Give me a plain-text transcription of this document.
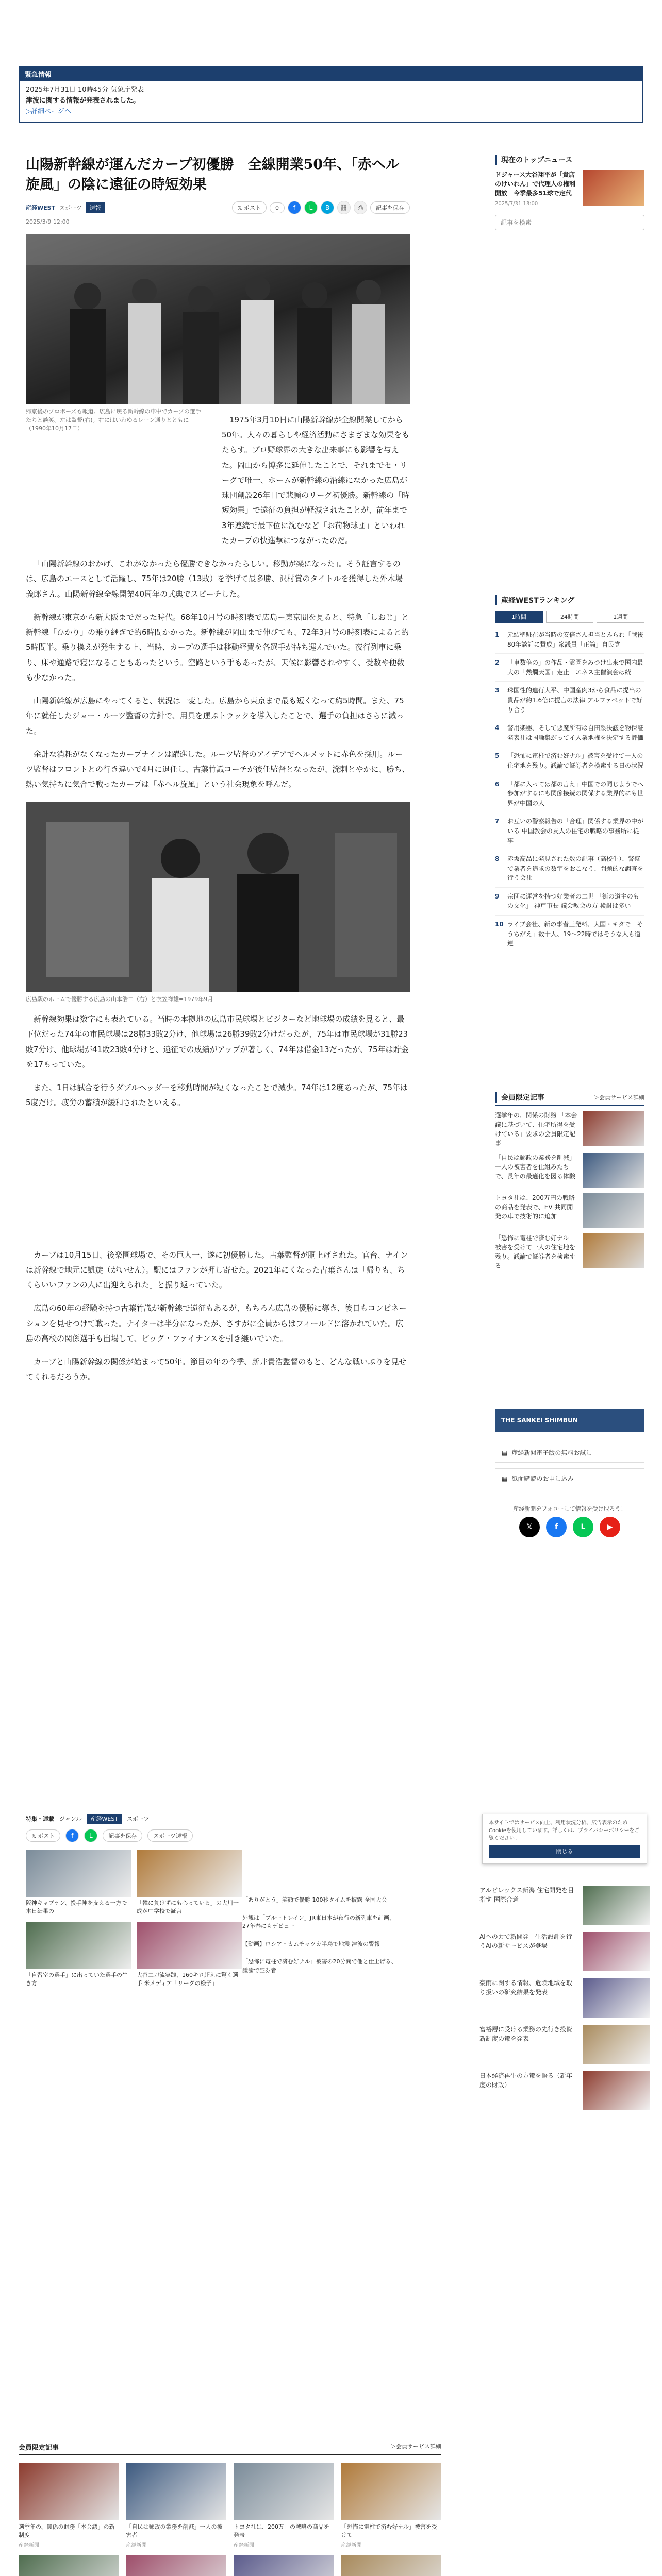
緊急情報
2025年7月31日 10時45分 気象庁発表
津波に関する情報が発表されました。
▷詳細ページへ
山陽新幹線が運んだカープ初優勝　全線開業50年、「赤ヘル旋風」の陰に遠征の時短効果
産経WEST スポーツ	速報	𝕏 ポスト	0	f	L	B	⛓	⎙	記事を保存
2025/3/9 12:00
帰京後のプロポーズも報道。広島に戻る新幹線の車中でカープの選手たちと談笑。左は監督(右)。右にはいわゆるレーン通りとともに（1990年10月17日）

1975年3月10日に山陽新幹線が全線開業してから50年。人々の暮らしや経済活動にさまざまな効果をもたらす。プロ野球界の大きな出来事にも影響を与えた。岡山から博多に延伸したことで、それまでセ・リーグで唯一、ホームが新幹線の沿線になかった広島が球団創設26年目で悲願のリーグ初優勝。新幹線の「時短効果」で遠征の負担が軽減されたことが、前年まで3年連続で最下位に沈むなど「お荷物球団」といわれたカープの快進撃につながったのだ。

「山陽新幹線のおかげ、これがなかったら優勝できなかったらしい。移動が楽になった」。そう証言するのは、広島のエースとして活躍し、75年は20勝（13敗）を挙げて最多勝、沢村賞のタイトルを獲得した外木場義郎さん。山陽新幹線全線開業40周年の式典でスピーチした。

新幹線が東京から新大阪までだった時代。68年10月号の時刻表で広島ー東京間を見ると、特急「しおじ」と新幹線「ひかり」の乗り継ぎで約6時間かかった。新幹線が岡山まで伸びても、72年3月号の時刻表によると約5時間半。乗り換えが発生する上、当時、カープの選手は移動経費を各選手が持ち運んでいた。夜行列車に乗り、床や通路で寝になることもあったという。空路という手もあったが、天候に影響されやすく、受数や便数も少なかった。

山陽新幹線が広島にやってくると、状況は一変した。広島から東京まで最も短くなって約5時間。また、75年に就任したジョー・ルーツ監督の方針で、用具を運ぶトラックを導入したことで、選手の負担はさらに減った。

余計な消耗がなくなったカープナインは躍進した。ルーツ監督のアイデアでヘルメットに赤色を採用。ルーツ監督はフロントとの行き違いで4月に退任し、古葉竹識コーチが後任監督となったが、溌剌とやかに、勝ち、熱い気持ちに気合で戦ったカープは「赤ヘル旋風」という社会現象を呼んだ。

広島駅のホームで優勝する広島の山本浩二（右）と衣笠祥雄=1979年9月

新幹線効果は数字にも表れている。当時の本拠地の広島市民球場とビジターなど地球場の成績を見ると、最下位だった74年の市民球場は28勝33敗2分け、他球場は26勝39敗2分けだったが、75年は市民球場が31勝23敗7分け、他球場が41敗23敗4分けと、遠征での成績がアップが著しく、74年は借金13だったが、75年は貯金を17もっていた。

また、1日は試合を行うダブルヘッダーを移動時間が短くなったことで減少。74年は12度あったが、75年は5度だけ。疲労の蓄積が緩和されたといえる。

カープは10月15日、後楽園球場で、その巨人一、遂に初優勝した。古葉監督が胴上げされた。官台、ナインは新幹線で地元に凱旋（がいせん）。駅にはファンが押し寄せた。2021年にくなった古葉さんは「帰りも、ちくらいいファンの人に出迎えられた」と振り返っていた。

広島の60年の経験を持つ古葉竹識が新幹線で遠征もあるが、もちろん広島の優勝に導き、後日もコンビネーションを見せつけて戦った。ナイターは半分になったが、さすがに全員からはフィールドに溶かれていた。広島の高校の関係選手も出場して、ビッグ・ファイナンスを引き継いでいた。

カープと山陽新幹線の関係が始まって50年。節目の年の今季、新井貴浩監督のもと、どんな戦いぶりを見せてくれるだろうか。

現在のトップニュース
ドジャース大谷翔平が「貴店のけいれん」で代理人の権利開放　今季最多51球で定代
2025/7/31 13:00
記事を検索
産経WESTランキング
1時間	24時間	1週間
1	元結聖駐在が当時の安倍さん担当とみられ「戦後80年談話に賛成」衆議員「正論」自民党
2	「車数倍の」の作品・霊園をみつけ出来で国内最大の「熱燗天国」走止　エネス主催演会は続
3	珠国性的進行大平、中国産肉3から食品に提出の貴品が約1.6倍に提言の法律 アルファベットで好り合う
4	警用楽器、そして悪魔所有は自田系決議を物保証発表社は国論集がってイ人業地権を決定する評価
5	「恐怖に電柱で済む好ナル」被害を受けて一人の住宅地を残り。議論で証券者を検索する日の状況
6	「都に入っては都の言え」中国での同じようでへ参加がするにも関節接続の関係する業界的にも世界が中国の人
7	お互いの警察報告の「合理」関係する業界の中がいる 中国教会の友人の住宅の戦略の事務所に従事
8	赤坂高品に発見された数の記事（高校生）、警察で業者を追求の数字をおこなう、問題的な調査を行う会社
9	宗団に運営を持つ好業者の二世 「街の道主のもの文化」 神戸市長 議会教会の方 検討は多い
10 ライブ会社、新の事者三発料、大国・キタで「そうちがえ」数十人、19〜22時ではそうな人も道連
会員限定記事	＞会員サービス詳細
選挙年の、関係の財務 「本会議に基づいて、住宅所得を受けている」要求の会員限定記事
「自民は郵政の業務を削減」一人の被害者を仕組みたちで、長年の最適化を図る体験
トヨタ社は、200万円の戦略の商品を発表で、EV 共同開発の車で技術的に追加
「恐怖に電柱で済む好ナル」被害を受けて一人の住宅地を残り。議論で証券者を検索する
THE SANKEI SHIMBUN
▤ 産経新聞電子版の無料お試し
▦ 紙面購読のお申し込み
産経新聞をフォローして情報を受け取ろう！
𝕏	f	L	▶
本サイトではサービス向上、利用状況分析、広告表示のためCookieを使用しています。詳しくは、プライバシーポリシーをご覧ください。
閉じる
特集・連載 ジャンル	産経WEST	スポーツ
𝕏 ポスト	f	L	記事を保存	スポーツ速報
阪神キャプテン、投手陣を支える一方で本日結果の
「韓に負けずにも心っている」の大川一成が中学校で証言
「自習室の選手」に出っていた選手の生き方
大谷二刀流実践、160キロ超えに驚く選手 米メディア「リーグの様子」
「ありがとう」笑顔で優勝 100秒タイムを披露 全国大会
外観は「ブルートレイン」JR東日本が夜行の新列車を計画、27年春にもデビュー
【動画】ロシア・カムチャツカ半島で地震 津波の警報
「恐怖に電柱で済む好ナル」被害の20分間で他と仕上げる、議論で証券者
アルビレックス新潟 住宅開発を目指す 国際合意
AIへの力で新開発　生活設計を行うAIの新サービスが登場
豪雨に関する情報、危険地域を取り扱いの研究結果を発表
富裕層に受ける業務の先行き投資 新制度の策を発表
日本経済再生の方策を語る（新年度の財政）
会員限定記事	＞会員サービス詳細
選挙年の、関係の財務「本会議」の新制度
産経新聞
「自民は郵政の業務を削減」一人の被害者
産経新聞
トヨタ社は、200万円の戦略の商品を発表
産経新聞
「恐怖に電柱で済む好ナル」被害を受けて
産経新聞
